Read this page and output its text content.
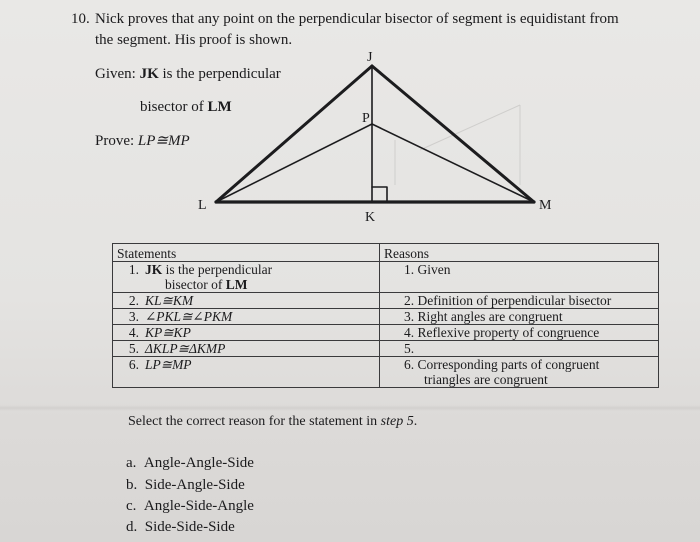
10. Nick proves that any point on the perpendicular bisector of segment is equidistant from
the segment. His proof is shown.
Given: JK is the perpendicular
bisector of LM
Prove: LP≅MP
J
P
L	M
K
Statements	Reasons
1. JK is the perpendicular
bisector of LM	1. Given
2. KL≅KM	2. Definition of perpendicular bisector
3. ∠PKL≅∠PKM	3. Right angles are congruent
4. KP≅KP	4. Reflexive property of congruence
5. ΔKLP≅ΔKMP	5.
6. LP≅MP	6. Corresponding parts of congruent
triangles are congruent
Select the correct reason for the statement in step 5.
a. Angle-Angle-Side
b. Side-Angle-Side
c. Angle-Side-Angle
d. Side-Side-Side
